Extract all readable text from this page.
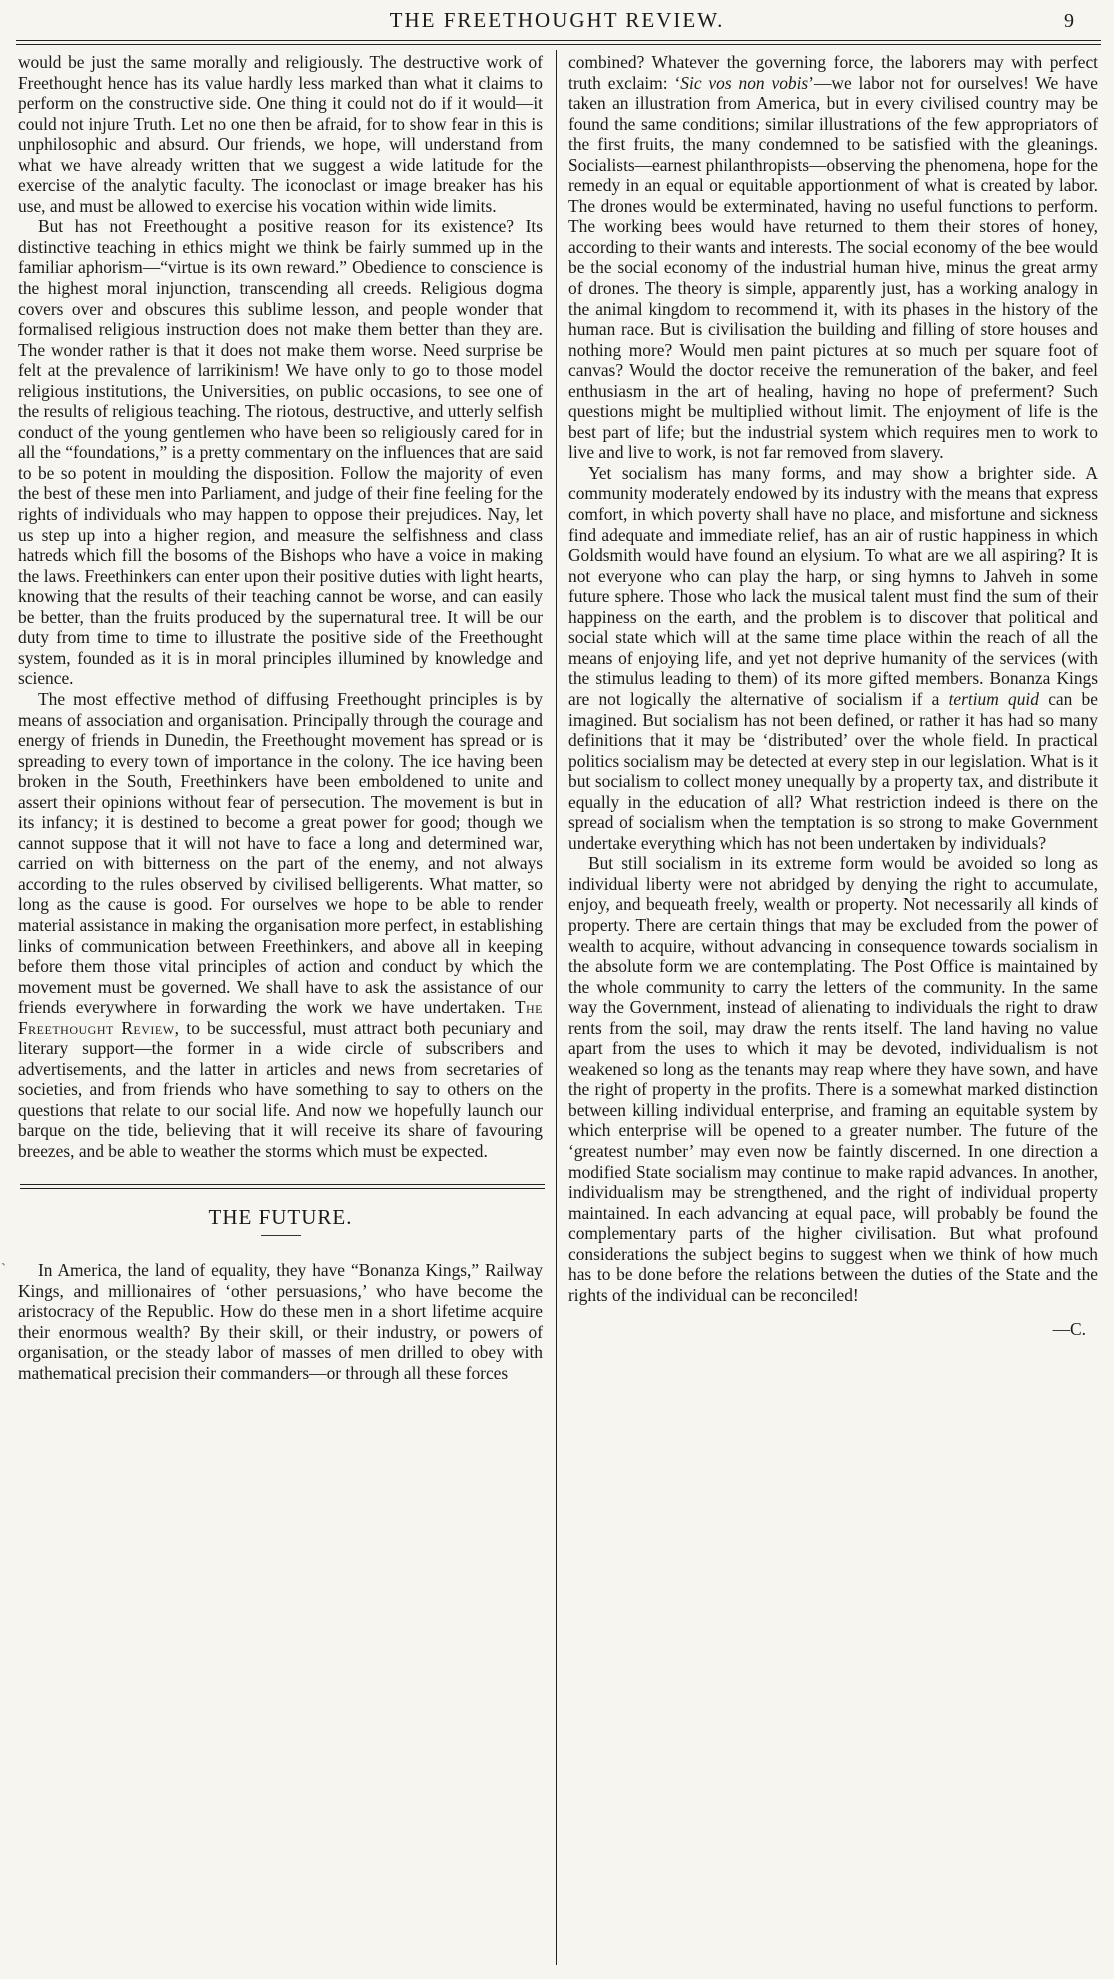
THE FREETHOUGHT REVIEW.	9
˴

would be just the same morally and religiously. The destructive work of Freethought hence has its value hardly less marked than what it claims to perform on the constructive side. One thing it could not do if it would—it could not injure Truth. Let no one then be afraid, for to show fear in this is unphilosophic and absurd. Our friends, we hope, will understand from what we have already written that we suggest a wide latitude for the exercise of the analytic faculty. The iconoclast or image breaker has his use, and must be allowed to exercise his vocation within wide limits.

But has not Freethought a positive reason for its existence? Its distinctive teaching in ethics might we think be fairly summed up in the familiar aphorism—“virtue is its own reward.” Obedience to conscience is the highest moral injunction, transcending all creeds. Religious dogma covers over and obscures this sublime lesson, and people wonder that formalised religious instruction does not make them better than they are. The wonder rather is that it does not make them worse. Need surprise be felt at the prevalence of larrikinism! We have only to go to those model religious institutions, the Universities, on public occasions, to see one of the results of religious teaching. The riotous, destructive, and utterly selfish conduct of the young gentlemen who have been so religiously cared for in all the “foundations,” is a pretty commentary on the influences that are said to be so potent in moulding the disposition. Follow the majority of even the best of these men into Parliament, and judge of their fine feeling for the rights of individuals who may happen to oppose their prejudices. Nay, let us step up into a higher region, and measure the selfishness and class hatreds which fill the bosoms of the Bishops who have a voice in making the laws. Freethinkers can enter upon their positive duties with light hearts, knowing that the results of their teaching cannot be worse, and can easily be better, than the fruits produced by the supernatural tree. It will be our duty from time to time to illustrate the positive side of the Freethought system, founded as it is in moral principles illumined by knowledge and science.

The most effective method of diffusing Freethought principles is by means of association and organisation. Principally through the courage and energy of friends in Dunedin, the Freethought movement has spread or is spreading to every town of importance in the colony. The ice having been broken in the South, Freethinkers have been emboldened to unite and assert their opinions without fear of persecution. The movement is but in its infancy; it is destined to become a great power for good; though we cannot suppose that it will not have to face a long and determined war, carried on with bitterness on the part of the enemy, and not always according to the rules observed by civilised belligerents. What matter, so long as the cause is good. For ourselves we hope to be able to render material assistance in making the organisation more perfect, in establishing links of communication between Freethinkers, and above all in keeping before them those vital principles of action and conduct by which the movement must be governed. We shall have to ask the assistance of our friends everywhere in forwarding the work we have undertaken. The Freethought Review, to be successful, must attract both pecuniary and literary support—the former in a wide circle of subscribers and advertisements, and the latter in articles and news from secretaries of societies, and from friends who have something to say to others on the questions that relate to our social life. And now we hopefully launch our barque on the tide, believing that it will receive its share of favouring breezes, and be able to weather the storms which must be expected.

THE FUTURE.

In America, the land of equality, they have “Bonanza Kings,” Railway Kings, and millionaires of ‘other persuasions,’ who have become the aristocracy of the Republic. How do these men in a short lifetime acquire their enormous wealth? By their skill, or their industry, or powers of organisation, or the steady labor of masses of men drilled to obey with mathematical precision their commanders—or through all these forces

combined? Whatever the governing force, the laborers may with perfect truth exclaim: ‘Sic vos non vobis’—we labor not for ourselves! We have taken an illustration from America, but in every civilised country may be found the same conditions; similar illustrations of the few appropriators of the first fruits, the many condemned to be satisfied with the gleanings. Socialists—earnest philanthropists—observing the phenomena, hope for the remedy in an equal or equitable apportionment of what is created by labor. The drones would be exterminated, having no useful functions to perform. The working bees would have returned to them their stores of honey, according to their wants and interests. The social economy of the bee would be the social economy of the industrial human hive, minus the great army of drones. The theory is simple, apparently just, has a working analogy in the animal kingdom to recommend it, with its phases in the history of the human race. But is civilisation the building and filling of store houses and nothing more? Would men paint pictures at so much per square foot of canvas? Would the doctor receive the remuneration of the baker, and feel enthusiasm in the art of healing, having no hope of preferment? Such questions might be multiplied without limit. The enjoyment of life is the best part of life; but the industrial system which requires men to work to live and live to work, is not far removed from slavery.

Yet socialism has many forms, and may show a brighter side. A community moderately endowed by its industry with the means that express comfort, in which poverty shall have no place, and misfortune and sickness find adequate and immediate relief, has an air of rustic happiness in which Goldsmith would have found an elysium. To what are we all aspiring? It is not everyone who can play the harp, or sing hymns to Jahveh in some future sphere. Those who lack the musical talent must find the sum of their happiness on the earth, and the problem is to discover that political and social state which will at the same time place within the reach of all the means of enjoying life, and yet not deprive humanity of the services (with the stimulus leading to them) of its more gifted members. Bonanza Kings are not logically the alternative of socialism if a tertium quid can be imagined. But socialism has not been defined, or rather it has had so many definitions that it may be ‘distributed’ over the whole field. In practical politics socialism may be detected at every step in our legislation. What is it but socialism to collect money unequally by a property tax, and distribute it equally in the education of all? What restriction indeed is there on the spread of socialism when the temptation is so strong to make Government undertake everything which has not been undertaken by individuals?

But still socialism in its extreme form would be avoided so long as individual liberty were not abridged by denying the right to accumulate, enjoy, and bequeath freely, wealth or property. Not necessarily all kinds of property. There are certain things that may be excluded from the power of wealth to acquire, without advancing in consequence towards socialism in the absolute form we are contemplating. The Post Office is maintained by the whole community to carry the letters of the community. In the same way the Government, instead of alienating to individuals the right to draw rents from the soil, may draw the rents itself. The land having no value apart from the uses to which it may be devoted, individualism is not weakened so long as the tenants may reap where they have sown, and have the right of property in the profits. There is a somewhat marked distinction between killing individual enterprise, and framing an equitable system by which enterprise will be opened to a greater number. The future of the ‘greatest number’ may even now be faintly discerned. In one direction a modified State socialism may continue to make rapid advances. In another, individualism may be strengthened, and the right of individual property maintained. In each advancing at equal pace, will probably be found the complementary parts of the higher civilisation. But what profound considerations the subject begins to suggest when we think of how much has to be done before the relations between the duties of the State and the rights of the individual can be reconciled!

—C.
